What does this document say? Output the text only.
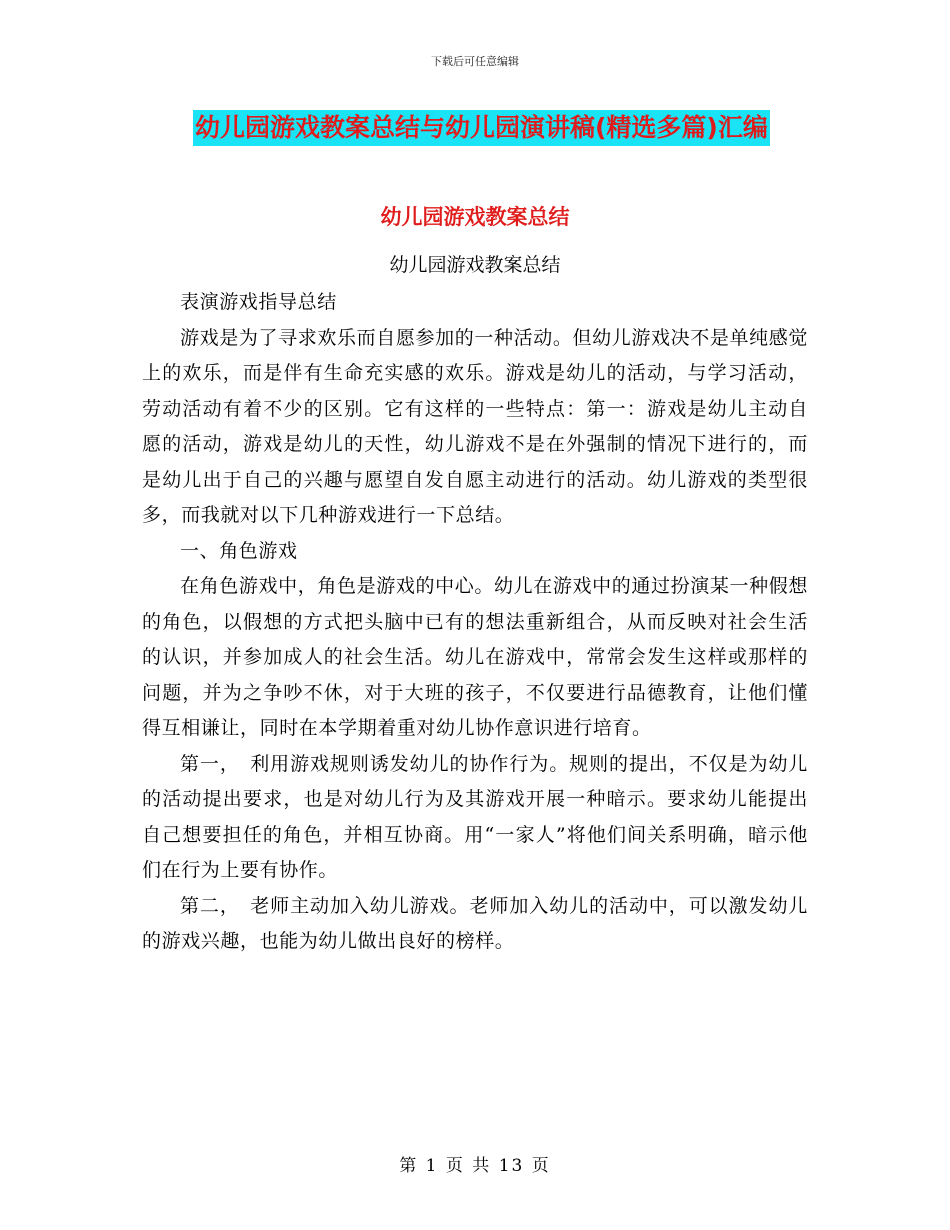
下载后可任意编辑
幼儿园游戏教案总结与幼儿园演讲稿(精选多篇)汇编
幼儿园游戏教案总结
幼儿园游戏教案总结

表演游戏指导总结

游戏是为了寻求欢乐而自愿参加的一种活动。但幼儿游戏决不是单纯感觉上的欢乐，而是伴有生命充实感的欢乐。游戏是幼儿的活动，与学习活动，劳动活动有着不少的区别。它有这样的一些特点：第一：游戏是幼儿主动自愿的活动，游戏是幼儿的天性，幼儿游戏不是在外强制的情况下进行的，而是幼儿出于自己的兴趣与愿望自发自愿主动进行的活动。幼儿游戏的类型很多，而我就对以下几种游戏进行一下总结。

一、角色游戏

在角色游戏中，角色是游戏的中心。幼儿在游戏中的通过扮演某一种假想的角色，以假想的方式把头脑中已有的想法重新组合，从而反映对社会生活的认识，并参加成人的社会生活。幼儿在游戏中，常常会发生这样或那样的问题，并为之争吵不休，对于大班的孩子，不仅要进行品德教育，让他们懂得互相谦让，同时在本学期着重对幼儿协作意识进行培育。

第一，　利用游戏规则诱发幼儿的协作行为。规则的提出，不仅是为幼儿的活动提出要求，也是对幼儿行为及其游戏开展一种暗示。要求幼儿能提出自己想要担任的角色，并相互协商。用“一家人”将他们间关系明确，暗示他们在行为上要有协作。

第二，　老师主动加入幼儿游戏。老师加入幼儿的活动中，可以激发幼儿的游戏兴趣，也能为幼儿做出良好的榜样。

第 1 页 共 13 页
